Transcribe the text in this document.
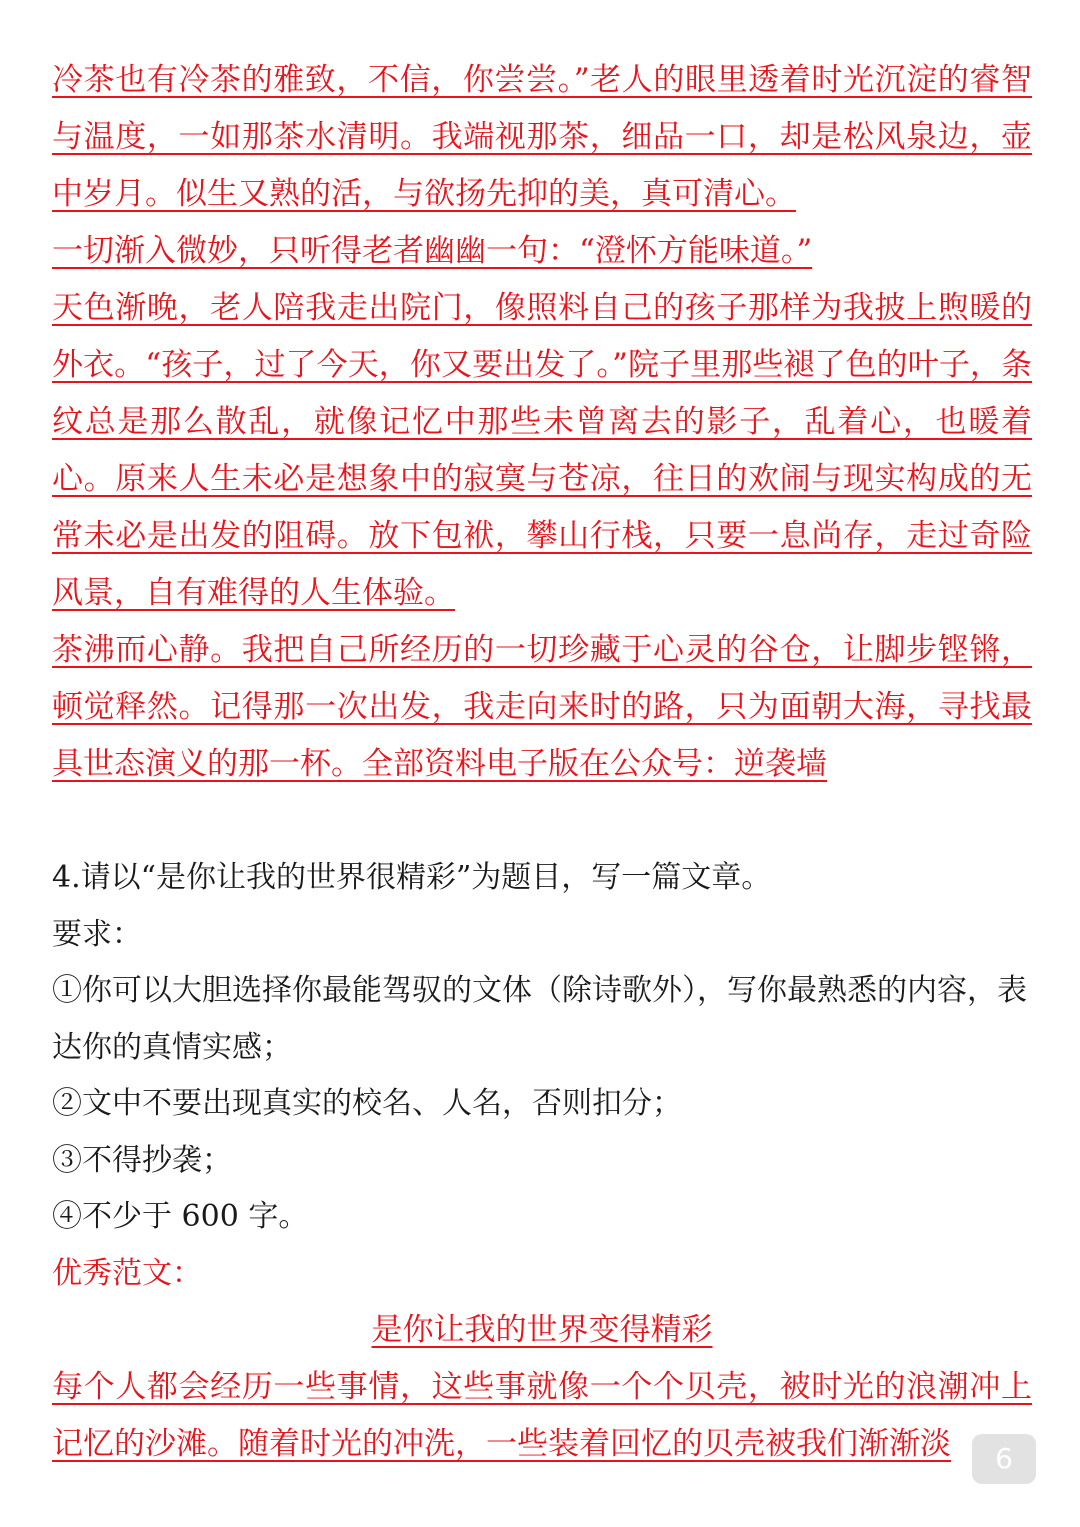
冷茶也有冷茶的雅致，不信，你尝尝。”老人的眼里透着时光沉淀的睿智与温度，一如那茶水清明。我端视那茶，细品一口，却是松风泉边，壶中岁月。似生又熟的活，与欲扬先抑的美，真可清心。

一切渐入微妙，只听得老者幽幽一句：“澄怀方能味道。”

天色渐晚，老人陪我走出院门，像照料自己的孩子那样为我披上煦暖的外衣。“孩子，过了今天，你又要出发了。”院子里那些褪了色的叶子，条纹总是那么散乱，就像记忆中那些未曾离去的影子，乱着心，也暖着心。原来人生未必是想象中的寂寞与苍凉，往日的欢闹与现实构成的无常未必是出发的阻碍。放下包袱，攀山行栈，只要一息尚存，走过奇险风景，自有难得的人生体验。

茶沸而心静。我把自己所经历的一切珍藏于心灵的谷仓，让脚步铿锵，顿觉释然。记得那一次出发，我走向来时的路，只为面朝大海，寻找最具世态演义的那一杯。全部资料电子版在公众号：逆袭墙

4.请以“是你让我的世界很精彩”为题目，写一篇文章。

要求：

①你可以大胆选择你最能驾驭的文体（除诗歌外），写你最熟悉的内容，表达你的真情实感；

②文中不要出现真实的校名、人名，否则扣分；

③不得抄袭；

④不少于 600 字。

优秀范文：

是你让我的世界变得精彩

每个人都会经历一些事情，这些事就像一个个贝壳，被时光的浪潮冲上记忆的沙滩。随着时光的冲洗，一些装着回忆的贝壳被我们渐渐淡	6
